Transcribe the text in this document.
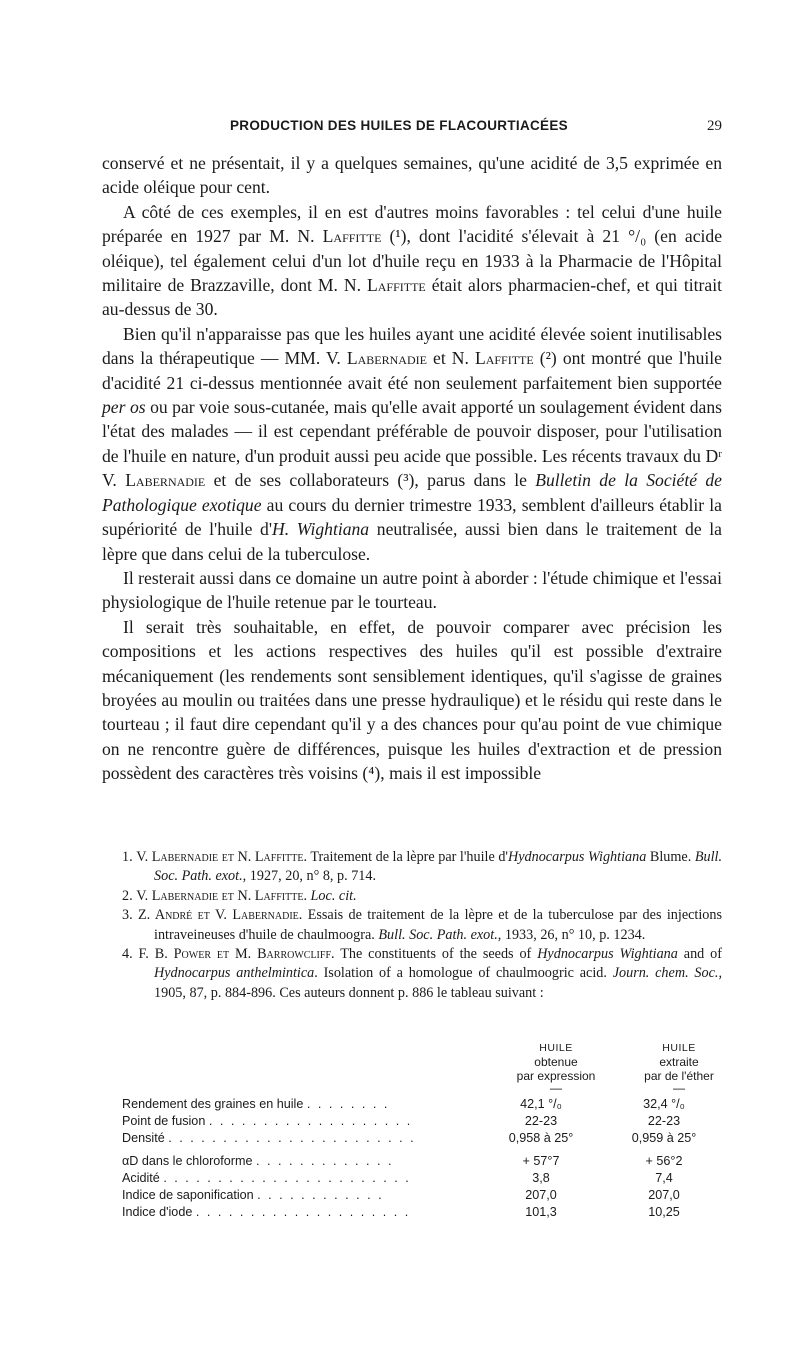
PRODUCTION DES HUILES DE FLACOURTIACÉES	29

conservé et ne présentait, il y a quelques semaines, qu'une acidité de 3,5 exprimée en acide oléique pour cent.

A côté de ces exemples, il en est d'autres moins favorables : tel celui d'une huile préparée en 1927 par M. N. Laffitte (¹), dont l'acidité s'élevait à 21 °/₀ (en acide oléique), tel également celui d'un lot d'huile reçu en 1933 à la Pharmacie de l'Hôpital militaire de Brazzaville, dont M. N. Laffitte était alors pharmacien-chef, et qui titrait au-dessus de 30.

Bien qu'il n'apparaisse pas que les huiles ayant une acidité élevée soient inutilisables dans la thérapeutique — MM. V. Labernadie et N. Laffitte (²) ont montré que l'huile d'acidité 21 ci-dessus mentionnée avait été non seulement parfaitement bien supportée per os ou par voie sous-cutanée, mais qu'elle avait apporté un soulagement évident dans l'état des malades — il est cependant préférable de pouvoir disposer, pour l'utilisation de l'huile en nature, d'un produit aussi peu acide que possible. Les récents travaux du Dʳ V. Labernadie et de ses collaborateurs (³), parus dans le Bulletin de la Société de Pathologique exotique au cours du dernier trimestre 1933, semblent d'ailleurs établir la supériorité de l'huile d'H. Wightiana neutralisée, aussi bien dans le traitement de la lèpre que dans celui de la tuberculose.

Il resterait aussi dans ce domaine un autre point à aborder : l'étude chimique et l'essai physiologique de l'huile retenue par le tourteau.

Il serait très souhaitable, en effet, de pouvoir comparer avec précision les compositions et les actions respectives des huiles qu'il est possible d'extraire mécaniquement (les rendements sont sensiblement identiques, qu'il s'agisse de graines broyées au moulin ou traitées dans une presse hydraulique) et le résidu qui reste dans le tourteau ; il faut dire cependant qu'il y a des chances pour qu'au point de vue chimique on ne rencontre guère de différences, puisque les huiles d'extraction et de pression possèdent des caractères très voisins (⁴), mais il est impossible

1. V. Labernadie et N. Laffitte. Traitement de la lèpre par l'huile d'Hydnocarpus Wightiana Blume. Bull. Soc. Path. exot., 1927, 20, n° 8, p. 714.

2. V. Labernadie et N. Laffitte. Loc. cit.

3. Z. André et V. Labernadie. Essais de traitement de la lèpre et de la tuberculose par des injections intraveineuses d'huile de chaulmoogra. Bull. Soc. Path. exot., 1933, 26, n° 10, p. 1234.

4. F. B. Power et M. Barrowcliff. The constituents of the seeds of Hydnocarpus Wightiana and of Hydnocarpus anthelmintica. Isolation of a homologue of chaulmoogric acid. Journ. chem. Soc., 1905, 87, p. 884-896. Ces auteurs donnent p. 886 le tableau suivant :

HUILE
obtenue
par expression
—
HUILE
extraite
par de l'éther
—
Rendement des graines en huile . . . . . . . .	42,1 °/₀	32,4 °/₀
Point de fusion . . . . . . . . . . . . . . . . . . .	22-23	22-23
Densité . . . . . . . . . . . . . . . . . . . . . . .	0,958 à 25°	0,959 à 25°
αD dans le chloroforme . . . . . . . . . . . . .	+ 57°7	+ 56°2
Acidité . . . . . . . . . . . . . . . . . . . . . . .	3,8	7,4
Indice de saponification . . . . . . . . . . . .	207,0	207,0
Indice d'iode . . . . . . . . . . . . . . . . . . . .	101,3	10,25
